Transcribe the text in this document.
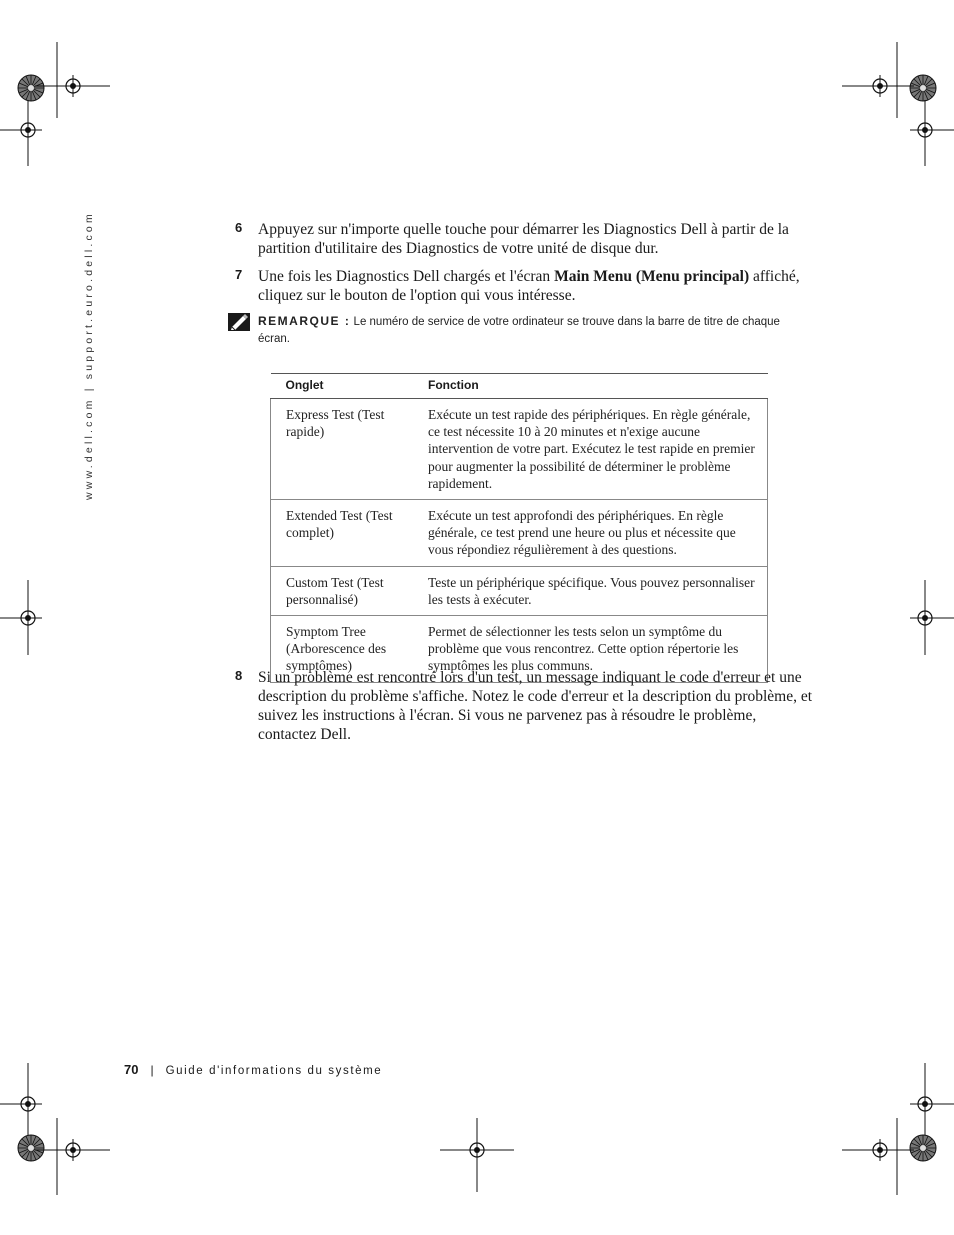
www.dell.com | support.euro.dell.com	6 Appuyez sur n'importe quelle touche pour démarrer les Diagnostics Dell à partir de la partition d'utilitaire des Diagnostics de votre unité de disque dur.
7 Une fois les Diagnostics Dell chargés et l'écran Main Menu (Menu principal) affiché, cliquez sur le bouton de l'option qui vous intéresse.
REMARQUE : Le numéro de service de votre ordinateur se trouve dans la barre de titre de chaque écran.
Onglet	Fonction
Express Test (Test rapide)	Exécute un test rapide des périphériques. En règle générale, ce test nécessite 10 à 20 minutes et n'exige aucune intervention de votre part. Exécutez le test rapide en premier pour augmenter la possibilité de déterminer le problème rapidement.
Extended Test (Test complet)	Exécute un test approfondi des périphériques. En règle générale, ce test prend une heure ou plus et nécessite que vous répondiez régulièrement à des questions.
Custom Test (Test personnalisé)	Teste un périphérique spécifique. Vous pouvez personnaliser les tests à exécuter.
Symptom Tree (Arborescence des symptômes)	Permet de sélectionner les tests selon un symptôme du problème que vous rencontrez. Cette option répertorie les symptômes les plus communs.
8 Si un problème est rencontré lors d'un test, un message indiquant le code d'erreur et une description du problème s'affiche. Notez le code d'erreur et la description du problème, et suivez les instructions à l'écran. Si vous ne parvenez pas à résoudre le problème, contactez Dell.
70 | Guide d'informations du système
